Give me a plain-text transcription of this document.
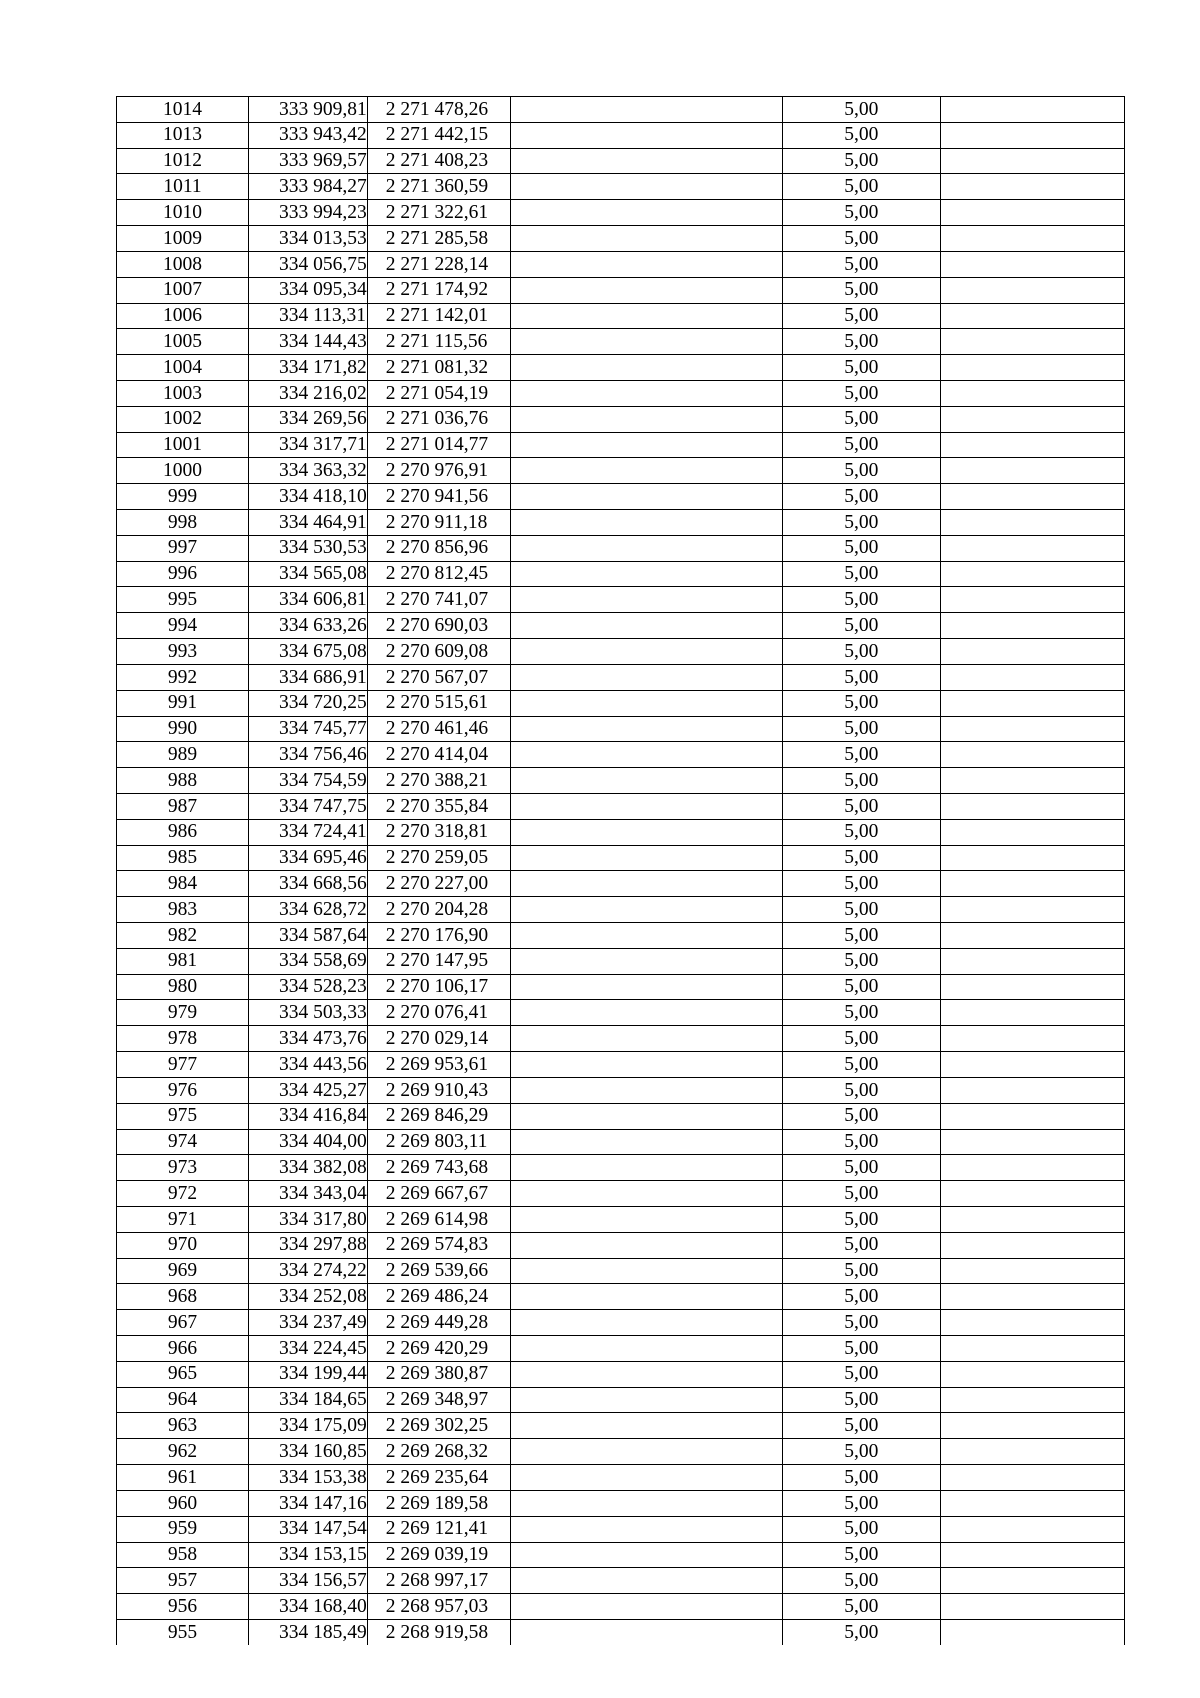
1014	333 909,81	2 271 478,26		5,00	
1013	333 943,42	2 271 442,15		5,00	
1012	333 969,57	2 271 408,23		5,00	
1011	333 984,27	2 271 360,59		5,00	
1010	333 994,23	2 271 322,61		5,00	
1009	334 013,53	2 271 285,58		5,00	
1008	334 056,75	2 271 228,14		5,00	
1007	334 095,34	2 271 174,92		5,00	
1006	334 113,31	2 271 142,01		5,00	
1005	334 144,43	2 271 115,56		5,00	
1004	334 171,82	2 271 081,32		5,00	
1003	334 216,02	2 271 054,19		5,00	
1002	334 269,56	2 271 036,76		5,00	
1001	334 317,71	2 271 014,77		5,00	
1000	334 363,32	2 270 976,91		5,00	
999	334 418,10	2 270 941,56		5,00	
998	334 464,91	2 270 911,18		5,00	
997	334 530,53	2 270 856,96		5,00	
996	334 565,08	2 270 812,45		5,00	
995	334 606,81	2 270 741,07		5,00	
994	334 633,26	2 270 690,03		5,00	
993	334 675,08	2 270 609,08		5,00	
992	334 686,91	2 270 567,07		5,00	
991	334 720,25	2 270 515,61		5,00	
990	334 745,77	2 270 461,46		5,00	
989	334 756,46	2 270 414,04		5,00	
988	334 754,59	2 270 388,21		5,00	
987	334 747,75	2 270 355,84		5,00	
986	334 724,41	2 270 318,81		5,00	
985	334 695,46	2 270 259,05		5,00	
984	334 668,56	2 270 227,00		5,00	
983	334 628,72	2 270 204,28		5,00	
982	334 587,64	2 270 176,90		5,00	
981	334 558,69	2 270 147,95		5,00	
980	334 528,23	2 270 106,17		5,00	
979	334 503,33	2 270 076,41		5,00	
978	334 473,76	2 270 029,14		5,00	
977	334 443,56	2 269 953,61		5,00	
976	334 425,27	2 269 910,43		5,00	
975	334 416,84	2 269 846,29		5,00	
974	334 404,00	2 269 803,11		5,00	
973	334 382,08	2 269 743,68		5,00	
972	334 343,04	2 269 667,67		5,00	
971	334 317,80	2 269 614,98		5,00	
970	334 297,88	2 269 574,83		5,00	
969	334 274,22	2 269 539,66		5,00	
968	334 252,08	2 269 486,24		5,00	
967	334 237,49	2 269 449,28		5,00	
966	334 224,45	2 269 420,29		5,00	
965	334 199,44	2 269 380,87		5,00	
964	334 184,65	2 269 348,97		5,00	
963	334 175,09	2 269 302,25		5,00	
962	334 160,85	2 269 268,32		5,00	
961	334 153,38	2 269 235,64		5,00	
960	334 147,16	2 269 189,58		5,00	
959	334 147,54	2 269 121,41		5,00	
958	334 153,15	2 269 039,19		5,00	
957	334 156,57	2 268 997,17		5,00	
956	334 168,40	2 268 957,03		5,00	
955	334 185,49	2 268 919,58		5,00	
